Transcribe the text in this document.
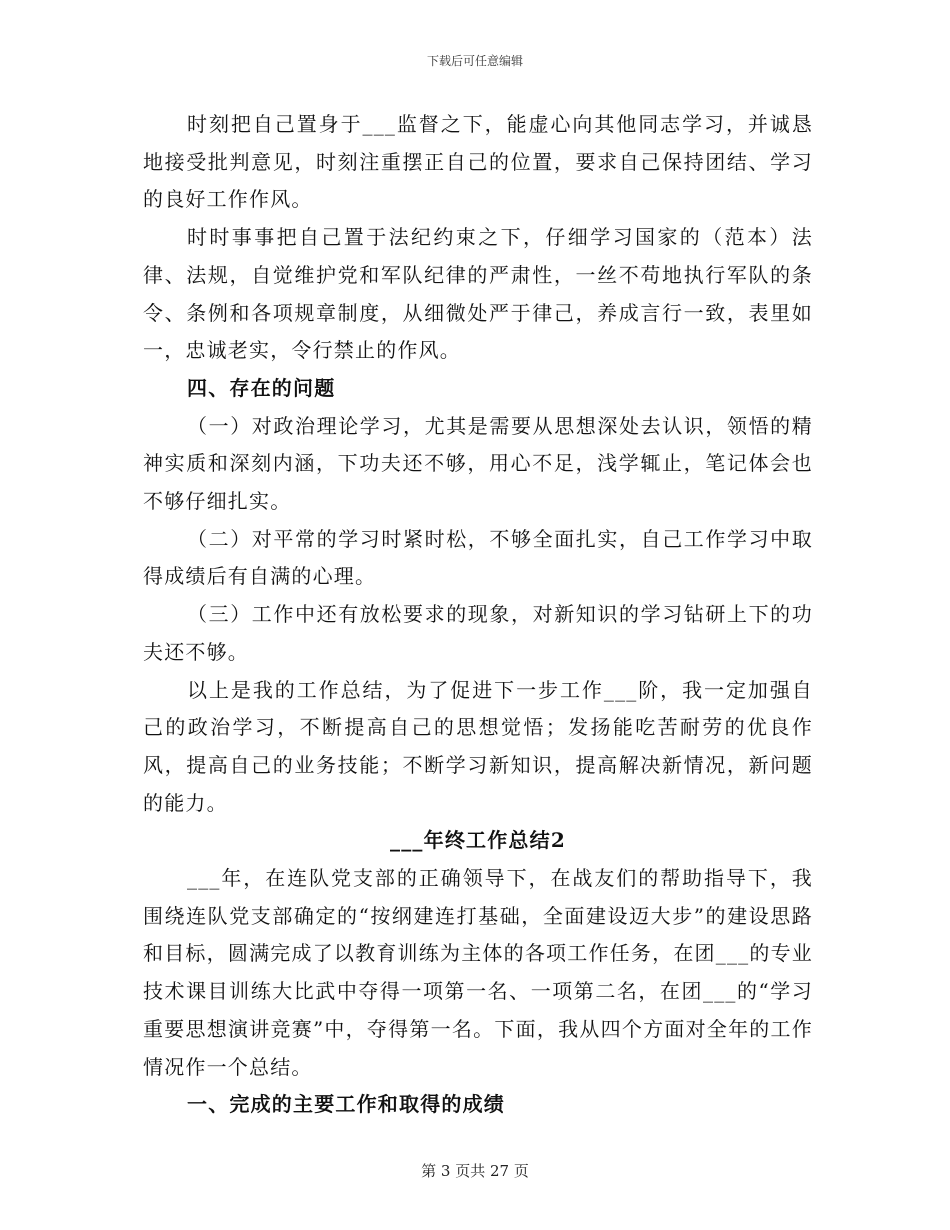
下载后可任意编辑

时刻把自己置身于___监督之下，能虚心向其他同志学习，并诚恳地接受批判意见，时刻注重摆正自己的位置，要求自己保持团结、学习的良好工作作风。

时时事事把自己置于法纪约束之下，仔细学习国家的（范本）法律、法规，自觉维护党和军队纪律的严肃性，一丝不苟地执行军队的条令、条例和各项规章制度，从细微处严于律己，养成言行一致，表里如一，忠诚老实，令行禁止的作风。

四、存在的问题

（一）对政治理论学习，尤其是需要从思想深处去认识，领悟的精神实质和深刻内涵，下功夫还不够，用心不足，浅学辄止，笔记体会也不够仔细扎实。

（二）对平常的学习时紧时松，不够全面扎实，自己工作学习中取得成绩后有自满的心理。

（三）工作中还有放松要求的现象，对新知识的学习钻研上下的功夫还不够。

以上是我的工作总结，为了促进下一步工作___阶，我一定加强自己的政治学习，不断提高自己的思想觉悟；发扬能吃苦耐劳的优良作风，提高自己的业务技能；不断学习新知识，提高解决新情况，新问题的能力。

___年终工作总结2

___年，在连队党支部的正确领导下，在战友们的帮助指导下，我围绕连队党支部确定的“按纲建连打基础，全面建设迈大步”的建设思路和目标，圆满完成了以教育训练为主体的各项工作任务，在团___的专业技术课目训练大比武中夺得一项第一名、一项第二名，在团___的“学习重要思想演讲竞赛”中，夺得第一名。下面，我从四个方面对全年的工作情况作一个总结。

一、完成的主要工作和取得的成绩

第 3 页共 27 页
